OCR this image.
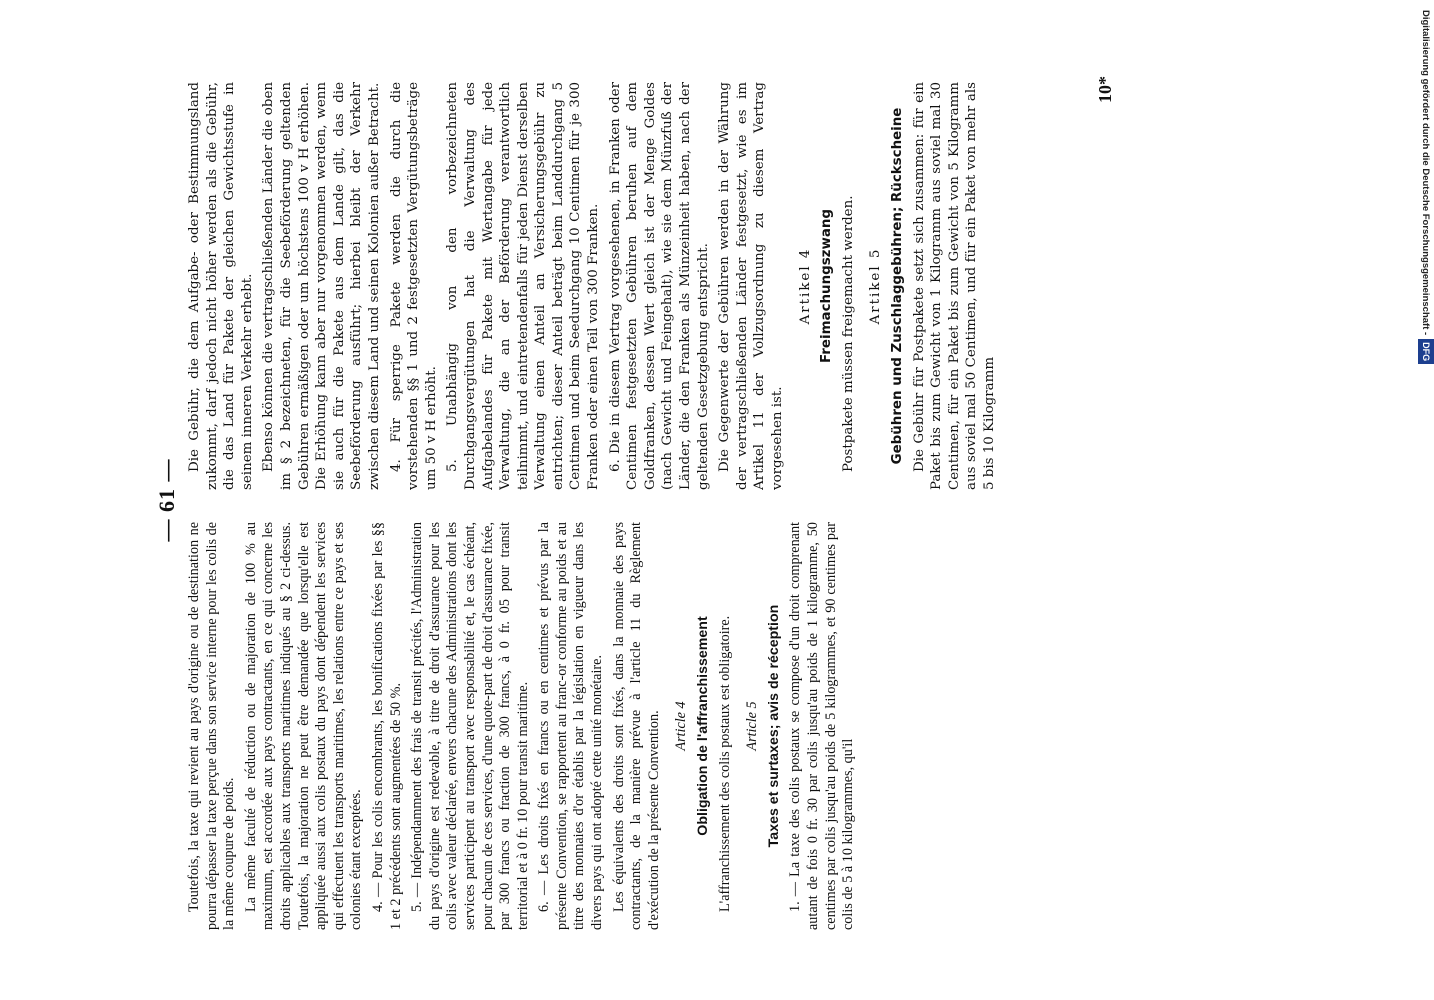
— 61 —

Toutefois, la taxe qui revient au pays d'origine ou de destination ne pourra dépasser la taxe perçue dans son service interne pour les colis de la même coupure de poids. La même faculté de réduction ou de majoration de 100 % au maximum, est accordée aux pays contractants, en ce qui concerne les droits applicables aux transports maritimes indiqués au § 2 ci-dessus. Toutefois, la majoration ne peut être demandée que lorsqu'elle est appliquée aussi aux colis postaux du pays dont dépendent les services qui effectuent les transports maritimes, les relations entre ce pays et ses colonies étant exceptées. 4. — Pour les colis encombrants, les bonifications fixées par les §§ 1 et 2 précédents sont augmentées de 50 %. 5. — Indépendamment des frais de transit précités, l'Administration du pays d'origine est redevable, à titre de droit d'assurance pour les colis avec valeur déclarée, envers chacune des Administrations dont les services participent au transport avec responsabilité et, le cas échéant, pour chacun de ces services, d'une quote-part de droit d'assurance fixée, par 300 francs ou fraction de 300 francs, à 0 fr. 05 pour transit territorial et à 0 fr. 10 pour transit maritime. 6. — Les droits fixés en francs ou en centimes et prévus par la présente Convention, se rapportent au franc-or conforme au poids et au titre des monnaies d'or établis par la législation en vigueur dans les divers pays qui ont adopté cette unité monétaire. Les équivalents des droits sont fixés, dans la monnaie des pays contractants, de la manière prévue à l'article 11 du Règlement d'exécution de la présente Convention. Article 4 Obligation de l'affranchissement L'affranchissement des colis postaux est obligatoire. Article 5 Taxes et surtaxes; avis de réception 1. — La taxe des colis postaux se compose d'un droit comprenant autant de fois 0 fr. 30 par colis jusqu'au poids de 1 kilogramme, 50 centimes par colis jusqu'au poids de 5 kilogrammes, et 90 centimes par colis de 5 à 10 kilogrammes, qu'il

Die Gebühr, die dem Aufgabe- oder Bestimmungsland zukommt, darf jedoch nicht höher werden als die Gebühr, die das Land für Pakete der gleichen Gewichtsstufe in seinem inneren Verkehr erhebt. Ebenso können die vertragschließenden Länder die oben im § 2 bezeichneten, für die Seebeförderung geltenden Gebühren ermäßigen oder um höchstens 100 v H erhöhen. Die Erhöhung kann aber nur vorgenommen werden, wenn sie auch für die Pakete aus dem Lande gilt, das die Seebeförderung ausführt; hierbei bleibt der Verkehr zwischen diesem Land und seinen Kolonien außer Betracht. 4. Für sperrige Pakete werden die durch die vorstehenden §§ 1 und 2 festgesetzten Vergütungsbeträge um 50 v H erhöht. 5. Unabhängig von den vorbezeichneten Durchgangsvergütungen hat die Verwaltung des Aufgabelandes für Pakete mit Wertangabe für jede Verwaltung, die an der Beförderung verantwortlich teilnimmt, und eintretendenfalls für jeden Dienst derselben Verwaltung einen Anteil an Versicherungsgebühr zu entrichten; dieser Anteil beträgt beim Landdurchgang 5 Centimen und beim Seedurchgang 10 Centimen für je 300 Franken oder einen Teil von 300 Franken. 6. Die in diesem Vertrag vorgesehenen, in Franken oder Centimen festgesetzten Gebühren beruhen auf dem Goldfranken, dessen Wert gleich ist der Menge Goldes (nach Gewicht und Feingehalt), wie sie dem Münzfuß der Länder, die den Franken als Münzeinheit haben, nach der geltenden Gesetzgebung entspricht. Die Gegenwerte der Gebühren werden in der Währung der vertragschließenden Länder festgesetzt, wie es im Artikel 11 der Vollzugsordnung zu diesem Vertrag vorgesehen ist.

Artikel 4 Freimachungszwang Postpakete müssen freigemacht werden. Artikel 5 Gebühren und Zuschlaggebühren; Rückscheine Die Gebühr für Postpakete setzt sich zusammen: für ein Paket bis zum Gewicht von 1 Kilogramm aus soviel mal 30 Centimen, für ein Paket bis zum Gewicht von 5 Kilogramm aus soviel mal 50 Centimen, und für ein Paket von mehr als 5 bis 10 Kilogramm

10*	Digitalisierung gefördert durch die Deutsche Forschungsgemeinschaft -DFG
